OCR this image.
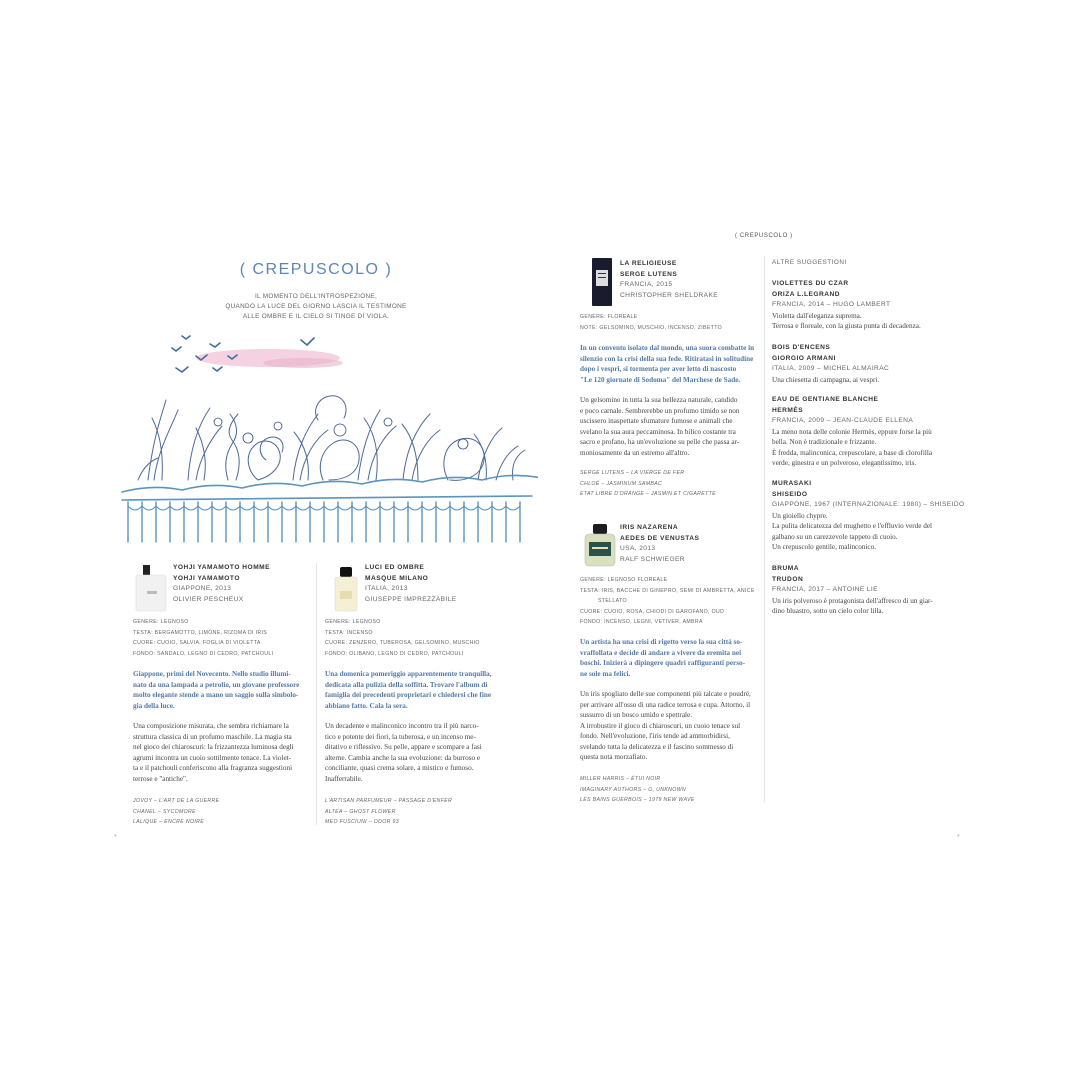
( CREPUSCOLO )
( CREPUSCOLO )
IL MOMENTO DELL'INTROSPEZIONE,
QUANDO LA LUCE DEL GIORNO LASCIA IL TESTIMONE
ALLE OMBRE E IL CIELO SI TINGE DI VIOLA.
YOHJI YAMAMOTO HOMME
YOHJI YAMAMOTO
GIAPPONE, 2013
OLIVIER PESCHEUX
GENERE: LEGNOSO
TESTA: BERGAMOTTO, LIMONE, RIZOMA DI IRIS
CUORE: CUOIO, SALVIA, FOGLIA DI VIOLETTA
FONDO: SANDALO, LEGNO DI CEDRO, PATCHOULI
Giappone, primi del Novecento. Nello studio illumi-
nato da una lampada a petrolio, un giovane professore
molto elegante stende a mano un saggio sulla simbolo-
gia della luce.
Una composizione misurata, che sembra richiamare la
struttura classica di un profumo maschile. La magia sta
nel gioco dei chiaroscuri: la frizzantezza luminosa degli
agrumi incontra un cuoio sottilmente tenace. La violet-
ta e il patchouli conferiscono alla fragranza suggestioni
terrose e "antiche".
JOVOY – L'ART DE LA GUERRE
CHANEL – SYCOMORE
LALIQUE – ENCRE NOIRE
LUCI ED OMBRE
MASQUE MILANO
ITALIA, 2013
GIUSEPPE IMPREZZABILE
GENERE: LEGNOSO
TESTA: INCENSO
CUORE: ZENZERO, TUBEROSA, GELSOMINO, MUSCHIO
FONDO: OLIBANO, LEGNO DI CEDRO, PATCHOULI
Una domenica pomeriggio apparentemente tranquilla,
dedicata alla pulizia della soffitta. Trovare l'album di
famiglia dei precedenti proprietari e chiedersi che fine
abbiano fatto. Cala la sera.
Un decadente e malinconico incontro tra il più narco-
tico e potente dei fiori, la tuberosa, e un incenso me-
ditativo e riflessivo. Su pelle, appare e scompare a fasi
alterne. Cambia anche la sua evoluzione: da burroso e
conciliante, quasi crema solare, a mistico e fumoso.
Inafferrabile.
L'ARTISAN PARFUMEUR – PASSAGE D'ENFER
ALTEA – GHOST FLOWER
MEO FUSCIUNI – ODOR 93
LA RELIGIEUSE
SERGE LUTENS
FRANCIA, 2015
CHRISTOPHER SHELDRAKE
GENERE: FLOREALE
NOTE: GELSOMINO, MUSCHIO, INCENSO, ZIBETTO
In un convento isolato dal mondo, una suora combatte in
silenzio con la crisi della sua fede. Ritiratasi in solitudine
dopo i vespri, si tormenta per aver letto di nascosto
"Le 120 giornate di Sodoma" del Marchese de Sade.
Un gelsomino in tutta la sua bellezza naturale, candido
e poco carnale. Sembrerebbe un profumo timido se non
uscissero inaspettate sfumature fumose e animali che
svelano la sua aura peccaminosa. In bilico costante tra
sacro e profano, ha un'evoluzione su pelle che passa ar-
moniosamente da un estremo all'altro.
SERGE LUTENS – LA VIERGE DE FER
CHLOÉ – JASMINUM SAMBAC
ETAT LIBRE D'ORANGE – JASMIN ET CIGARETTE
IRIS NAZARENA
AEDES DE VENUSTAS
USA, 2013
RALF SCHWIEGER
GENERE: LEGNOSO FLOREALE
TESTA: IRIS, BACCHE DI GINEPRO, SEMI DI AMBRETTA, ANICE
STELLATO
CUORE: CUOIO, ROSA, CHIODI DI GAROFANO, OUD
FONDO: INCENSO, LEGNI, VETIVER, AMBRA
Un artista ha una crisi di rigetto verso la sua città so-
vraffollata e decide di andare a vivere da eremita nei
boschi. Inizierà a dipingere quadri raffiguranti perso-
ne sole ma felici.
Un iris spogliato delle sue componenti più talcate e poudré,
per arrivare all'osso di una radice terrosa e cupa. Attorno, il
sussurro di un bosco umido e spettrale.
A irrobustire il gioco di chiaroscuri, un cuoio tenace sul
fondo. Nell'evoluzione, l'iris tende ad ammorbidirsi,
svelando tutta la delicatezza e il fascino sommesso di
questa nota morzafiato.
MILLER HARRIS – ÉTUI NOIR
IMAGINARY AUTHORS – O, UNKNOWN
LES BAINS GUERBOIS – 1979 NEW WAVE
ALTRE SUGGESTIONI
VIOLETTES DU CZAR
ORIZA L.LEGRAND
FRANCIA, 2014 – HUGO LAMBERT
Violetta dall'eleganza suprema.
Terrosa e floreale, con la giusta punta di decadenza.
BOIS D'ENCENS
GIORGIO ARMANI
ITALIA, 2009 – MICHEL ALMAIRAC
Una chiesetta di campagna, ai vespri.
EAU DE GENTIANE BLANCHE
HERMÈS
FRANCIA, 2009 – JEAN-CLAUDE ELLENA
La meno nota delle colonie Hermès, eppure forse la più
bella. Non è tradizionale e frizzante.
È fredda, malinconica, crepuscolare, a base di clorofilla
verde, ginestra e un polveroso, elegantissimo, iris.
MURASAKI
SHISEIDO
GIAPPONE, 1967 (INTERNAZIONALE: 1980) – SHISEIDO
Un gioiello chypre.
La pulita delicatezza del mughetto e l'effluvio verde del
galbano su un carezzevole tappeto di cuoio.
Un crepuscolo gentile, malinconico.
BRUMA
TRUDON
FRANCIA, 2017 – ANTOINE LIE
Un iris polveroso è protagonista dell'affresco di un giar-
dino bluastro, sotto un cielo color lilla.
*	*
